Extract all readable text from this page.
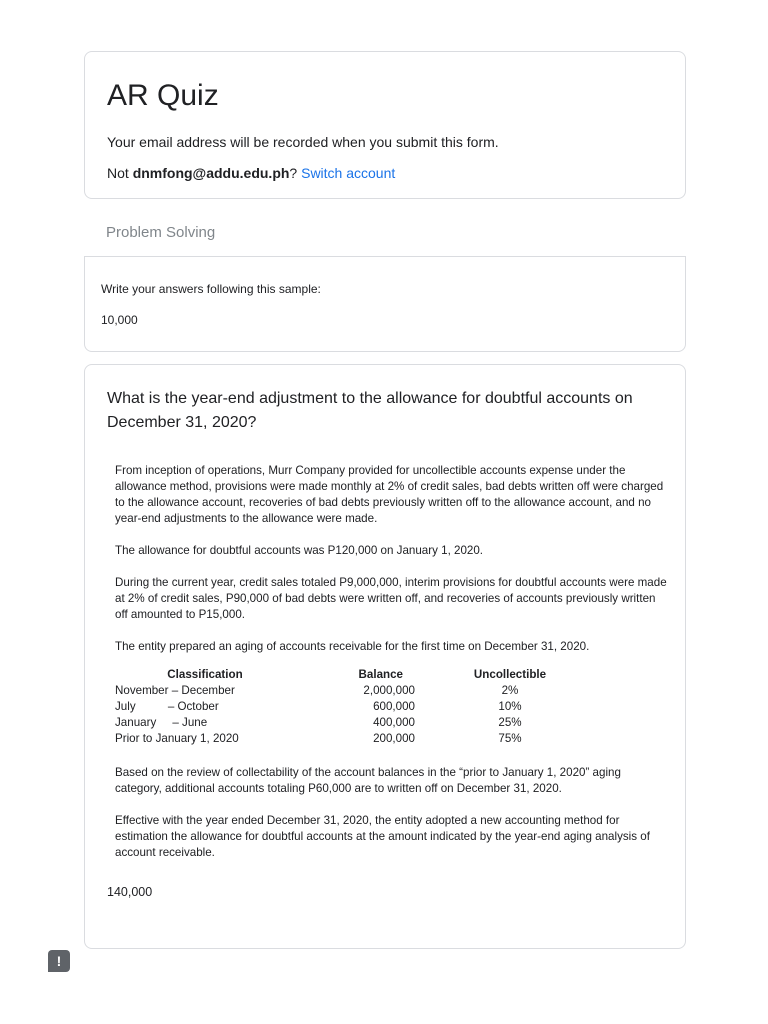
AR Quiz
Your email address will be recorded when you submit this form.
Not dnmfong@addu.edu.ph? Switch account
Problem Solving

Write your answers following this sample:

10,000

What is the year-end adjustment to the allowance for doubtful accounts on December 31, 2020?

From inception of operations, Murr Company provided for uncollectible accounts expense under the allowance method, provisions were made monthly at 2% of credit sales, bad debts written off were charged to the allowance account, recoveries of bad debts previously written off to the allowance account, and no year-end adjustments to the allowance were made.

The allowance for doubtful accounts was P120,000 on January 1, 2020.

During the current year, credit sales totaled P9,000,000, interim provisions for doubtful accounts were made at 2% of credit sales, P90,000 of bad debts were written off, and recoveries of accounts previously written off amounted to P15,000.

The entity prepared an aging of accounts receivable for the first time on December 31, 2020.

Classification	Balance	Uncollectible
November – December	2,000,000	2%
July          – October	600,000	10%
January     – June	400,000	25%
Prior to January 1, 2020	200,000	75%

Based on the review of collectability of the account balances in the “prior to January 1, 2020” aging category, additional accounts totaling P60,000 are to written off on December 31, 2020.

Effective with the year ended December 31, 2020, the entity adopted a new accounting method for estimation the allowance for doubtful accounts at the amount indicated by the year-end aging analysis of account receivable.

140,000
!
